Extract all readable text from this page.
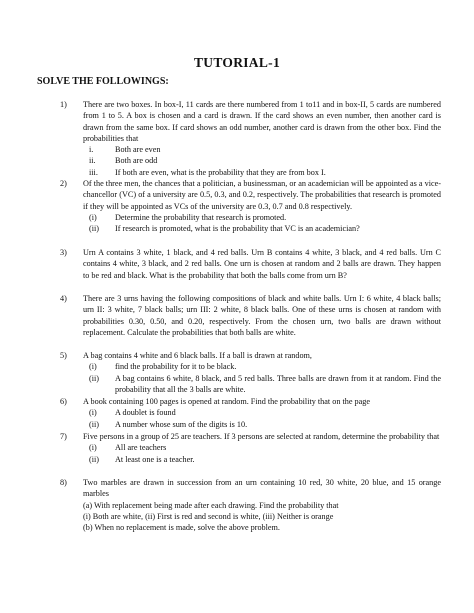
TUTORIAL-1
SOLVE THE FOLLOWINGS:
1) There are two boxes. In box-I, 11 cards are there numbered from 1 to11 and in box-II, 5 cards are numbered from 1 to 5. A box is chosen and a card is drawn. If the card shows an even number, then another card is drawn from the same box. If card shows an odd number, another card is drawn from the other box. Find the probabilities that
i.	Both are even
ii. Both are odd
iii. If both are even, what is the probability that they are from box I.
2) Of the three men, the chances that a politician, a businessman, or an academician will be appointed as a vice-chancellor (VC) of a university are 0.5, 0.3, and 0.2, respectively. The probabilities that research is promoted if they will be appointed as VCs of the university are 0.3, 0.7 and 0.8 respectively.
(i) Determine the probability that research is promoted.
(ii) If research is promoted, what is the probability that VC is an academician?
3) Urn A contains 3 white, 1 black, and 4 red balls. Urn B contains 4 white, 3 black, and 4 red balls. Urn C contains 4 white, 3 black, and 2 red balls. One urn is chosen at random and 2 balls are drawn. They happen to be red and black. What is the probability that both the balls come from urn B?
4) There are 3 urns having the following compositions of black and white balls. Urn I: 6 white, 4 black balls; urn II: 3 white, 7 black balls; urn III: 2 white, 8 black balls. One of these urns is chosen at random with probabilities 0.30, 0.50, and 0.20, respectively. From the chosen urn, two balls are drawn without replacement. Calculate the probabilities that both balls are white.
5) A bag contains 4 white and 6 black balls. If a ball is drawn at random,
(i) find the probability for it to be black.
(ii) A bag contains 6 white, 8 black, and 5 red balls. Three balls are drawn from it at random. Find the probability that all the 3 balls are white.
6) A book containing 100 pages is opened at random. Find the probability that on the page
(i) A doublet is found
(ii) A number whose sum of the digits is 10.
7) Five persons in a group of 25 are teachers. If 3 persons are selected at random, determine the probability that
(i) All are teachers
(ii) At least one is a teacher.
8) Two marbles are drawn in succession from an urn containing 10 red, 30 white, 20 blue, and 15 orange marbles
(a) With replacement being made after each drawing. Find the probability that
(i) Both are white, (ii) First is red and second is white, (iii) Neither is orange
(b) When no replacement is made, solve the above problem.
